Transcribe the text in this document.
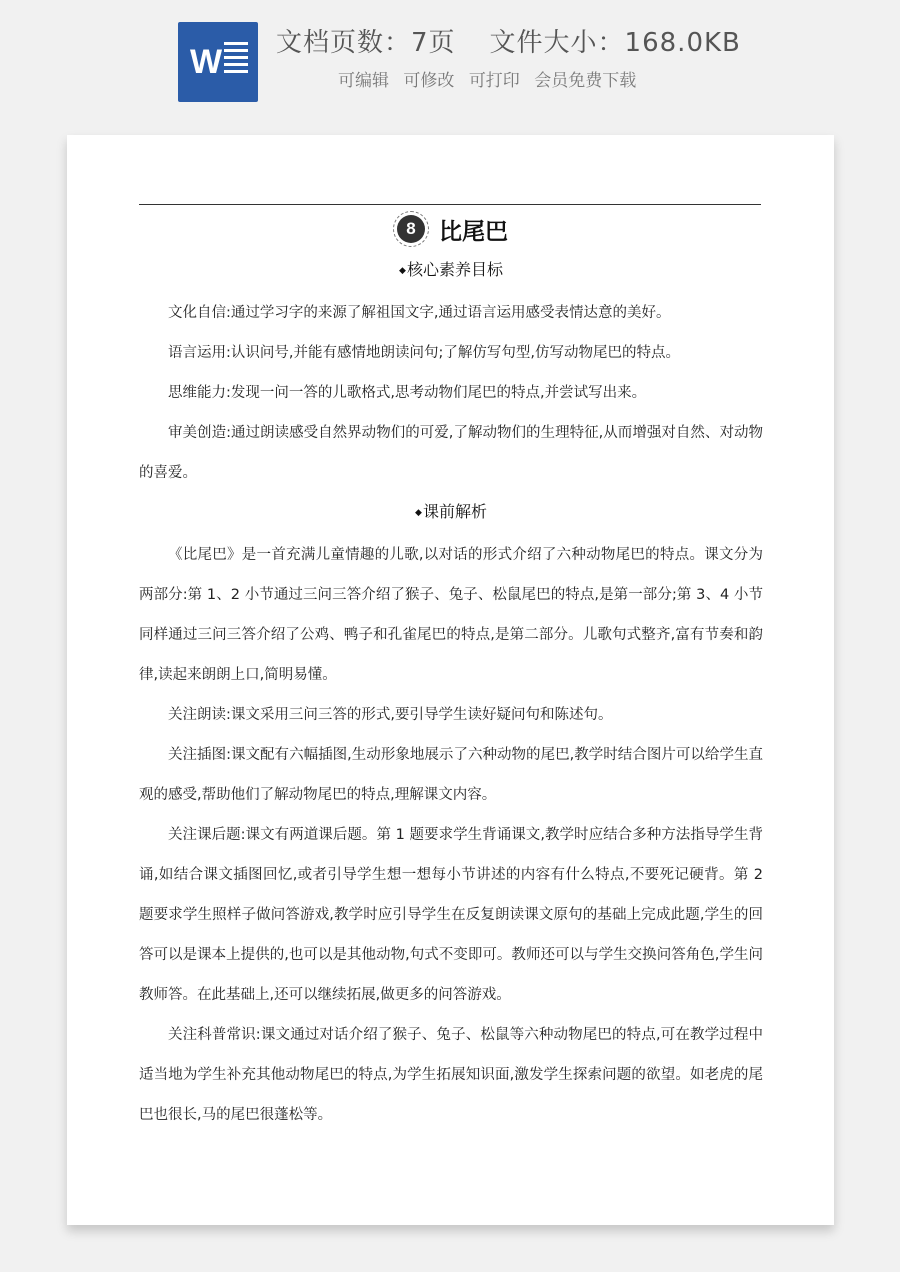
W 文档页数：7页 文件大小：168.0KB
可编辑 可修改 可打印 会员免费下载
8	比尾巴
◆核心素养目标

文化自信:通过学习字的来源了解祖国文字,通过语言运用感受表情达意的美好。

语言运用:认识问号,并能有感情地朗读问句;了解仿写句型,仿写动物尾巴的特点。

思维能力:发现一问一答的儿歌格式,思考动物们尾巴的特点,并尝试写出来。

审美创造:通过朗读感受自然界动物们的可爱,了解动物们的生理特征,从而增强对自然、对动物的喜爱。

◆课前解析

《比尾巴》是一首充满儿童情趣的儿歌,以对话的形式介绍了六种动物尾巴的特点。课文分为两部分:第 1、2 小节通过三问三答介绍了猴子、兔子、松鼠尾巴的特点,是第一部分;第 3、4 小节同样通过三问三答介绍了公鸡、鸭子和孔雀尾巴的特点,是第二部分。儿歌句式整齐,富有节奏和韵律,读起来朗朗上口,简明易懂。

关注朗读:课文采用三问三答的形式,要引导学生读好疑问句和陈述句。

关注插图:课文配有六幅插图,生动形象地展示了六种动物的尾巴,教学时结合图片可以给学生直观的感受,帮助他们了解动物尾巴的特点,理解课文内容。

关注课后题:课文有两道课后题。第 1 题要求学生背诵课文,教学时应结合多种方法指导学生背诵,如结合课文插图回忆,或者引导学生想一想每小节讲述的内容有什么特点,不要死记硬背。第 2 题要求学生照样子做问答游戏,教学时应引导学生在反复朗读课文原句的基础上完成此题,学生的回答可以是课本上提供的,也可以是其他动物,句式不变即可。教师还可以与学生交换问答角色,学生问教师答。在此基础上,还可以继续拓展,做更多的问答游戏。

关注科普常识:课文通过对话介绍了猴子、兔子、松鼠等六种动物尾巴的特点,可在教学过程中适当地为学生补充其他动物尾巴的特点,为学生拓展知识面,激发学生探索问题的欲望。如老虎的尾巴也很长,马的尾巴很蓬松等。
